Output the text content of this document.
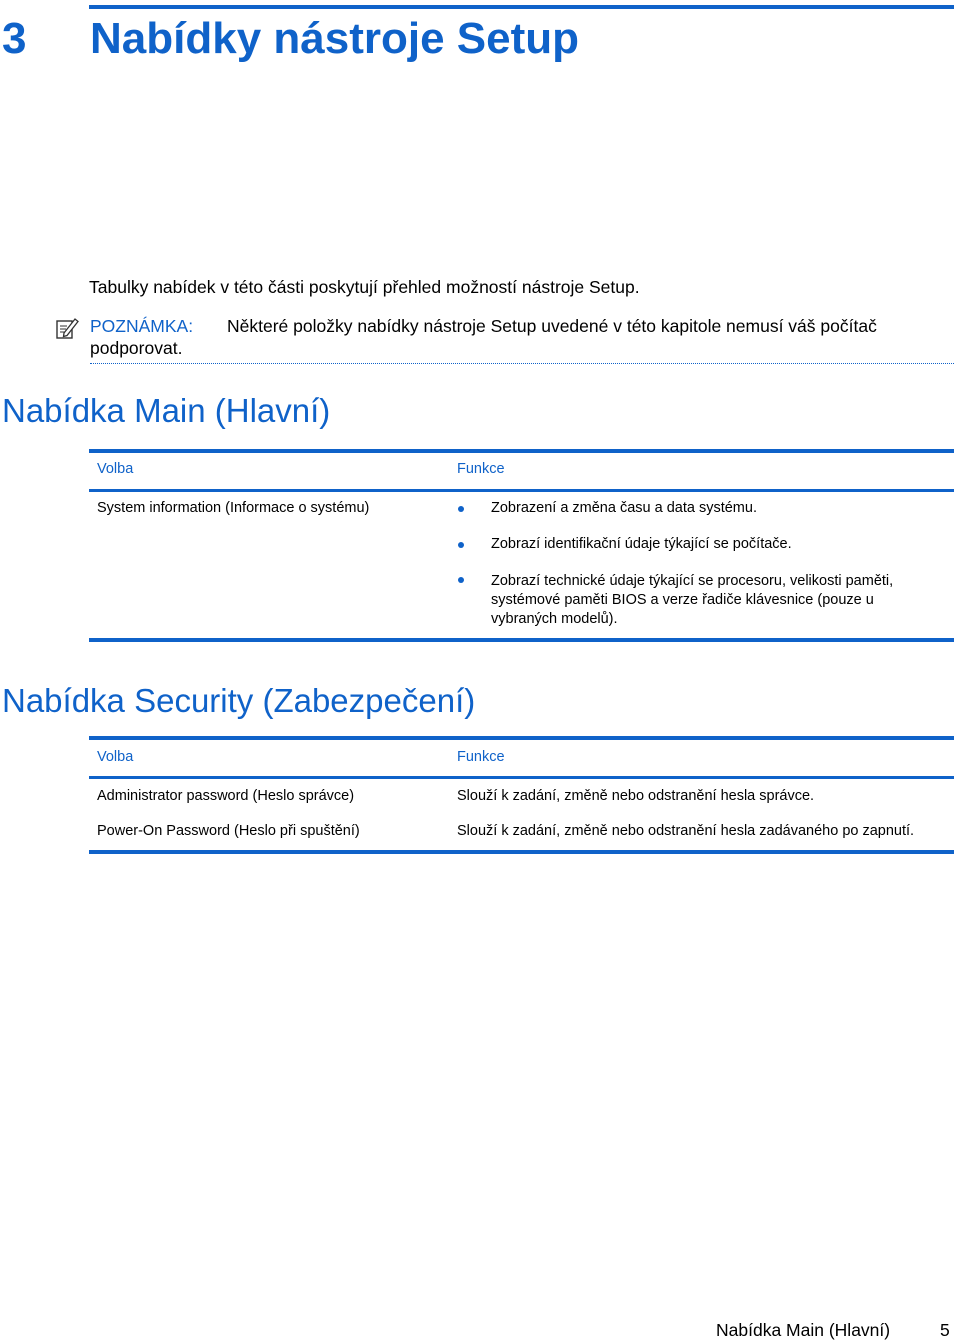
3 Nabídky nástroje Setup
Tabulky nabídek v této části poskytují přehled možností nástroje Setup.
POZNÁMKA: Některé položky nabídky nástroje Setup uvedené v této kapitole nemusí váš počítač
podporovat.
Nabídka Main (Hlavní)
Volba	Funkce
System information (Informace o systému)	Zobrazení a změna času a data systému.
Zobrazí identifikační údaje týkající se počítače.
Zobrazí technické údaje týkající se procesoru, velikosti paměti, systémové paměti BIOS a verze řadiče klávesnice (pouze u vybraných modelů).
Nabídka Security (Zabezpečení)
Volba	Funkce
Administrator password (Heslo správce)	Slouží k zadání, změně nebo odstranění hesla správce.
Power-On Password (Heslo při spuštění)	Slouží k zadání, změně nebo odstranění hesla zadávaného po zapnutí.
Nabídka Main (Hlavní)	5
